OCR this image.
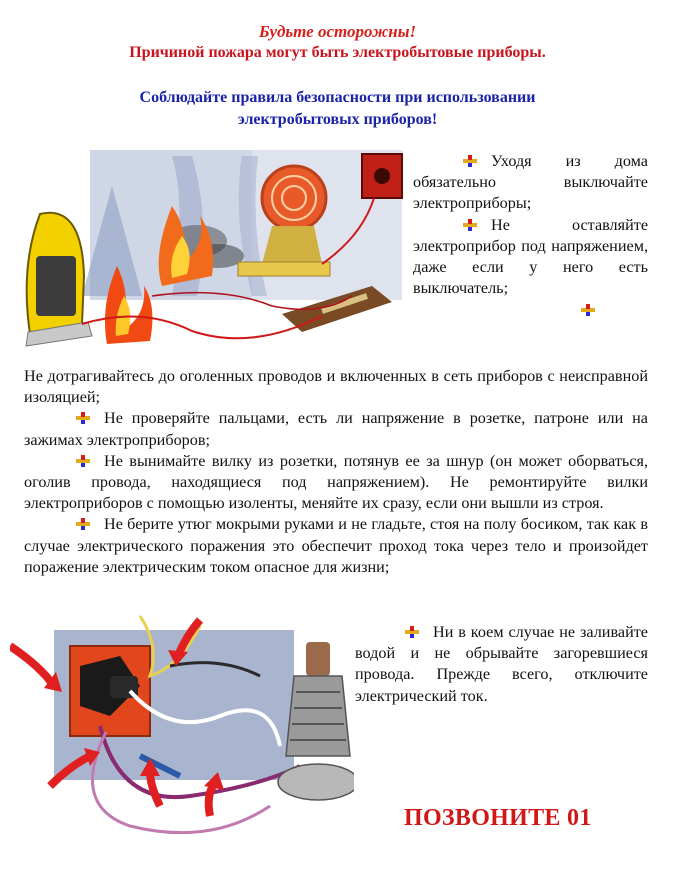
Будьте осторожны!
Причиной пожара могут быть электробытовые приборы.
Соблюдайте правила безопасности при использовании
электробытовых приборов!

Уходя из дома обязательно выключайте электроприборы;

Не оставляйте электроприбор под напряжением, даже если у него есть выключатель;

Не дотрагивайтесь до оголенных проводов и включенных в сеть приборов с неисправной изоляцией;

Не проверяйте пальцами, есть ли напряжение в розетке, патроне или на зажимах электроприборов;

Не вынимайте вилку из розетки, потянув ее за шнур (он может оборваться, оголив провода, находящиеся под напряжением). Не ремонтируйте вилки электроприборов с помощью изоленты, меняйте их сразу, если они вышли из строя.

Не берите утюг мокрыми руками и не гладьте, стоя на полу босиком, так как в случае электрического поражения это обеспечит проход тока через тело и произойдет поражение электрическим током опасное для жизни;

Ни в коем случае не заливайте водой и не обрывайте загоревшиеся провода. Прежде всего, отключите электрический ток.

ПОЗВОНИТЕ 01
